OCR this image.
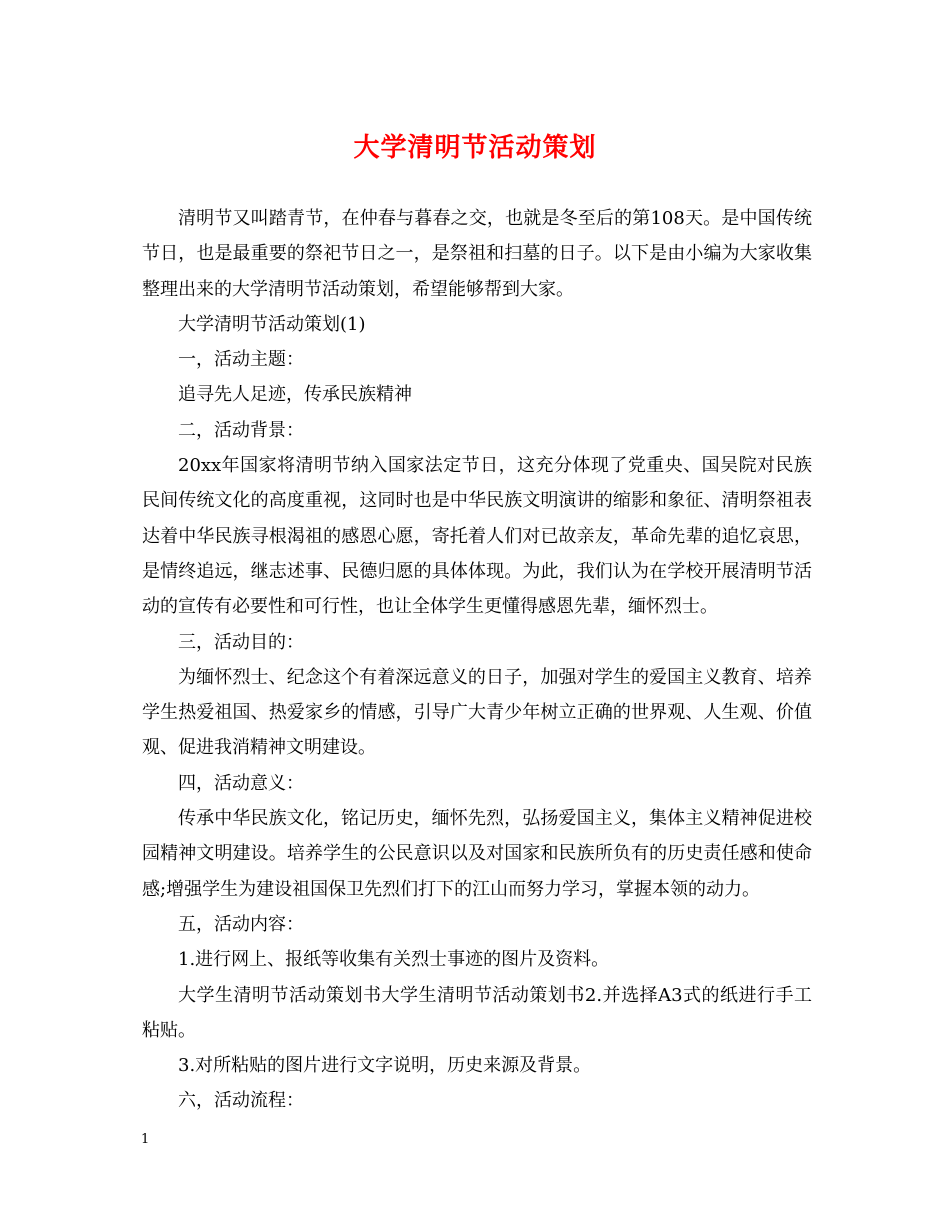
大学清明节活动策划

清明节又叫踏青节，在仲春与暮春之交，也就是冬至后的第108天。是中国传统节日，也是最重要的祭祀节日之一，是祭祖和扫墓的日子。以下是由小编为大家收集整理出来的大学清明节活动策划，希望能够帮到大家。

大学清明节活动策划(1)

一，活动主题：

追寻先人足迹，传承民族精神

二，活动背景：

20xx年国家将清明节纳入国家法定节日，这充分体现了党重央、国吴院对民族民间传统文化的高度重视，这同时也是中华民族文明演讲的缩影和象征、清明祭祖表达着中华民族寻根渴祖的感恩心愿，寄托着人们对已故亲友，革命先辈的追忆哀思，是情终追远，继志述事、民德归愿的具体体现。为此，我们认为在学校开展清明节活动的宣传有必要性和可行性，也让全体学生更懂得感恩先辈，缅怀烈士。

三，活动目的：

为缅怀烈士、纪念这个有着深远意义的日子，加强对学生的爱国主义教育、培养学生热爱祖国、热爱家乡的情感，引导广大青少年树立正确的世界观、人生观、价值观、促进我消精神文明建设。

四，活动意义：

传承中华民族文化，铭记历史，缅怀先烈，弘扬爱国主义，集体主义精神促进校园精神文明建设。培养学生的公民意识以及对国家和民族所负有的历史责任感和使命感;增强学生为建设祖国保卫先烈们打下的江山而努力学习，掌握本领的动力。

五，活动内容：

1.进行网上、报纸等收集有关烈士事迹的图片及资料。

大学生清明节活动策划书大学生清明节活动策划书2.并选择A3式的纸进行手工粘贴。

3.对所粘贴的图片进行文字说明，历史来源及背景。

六，活动流程：

1
